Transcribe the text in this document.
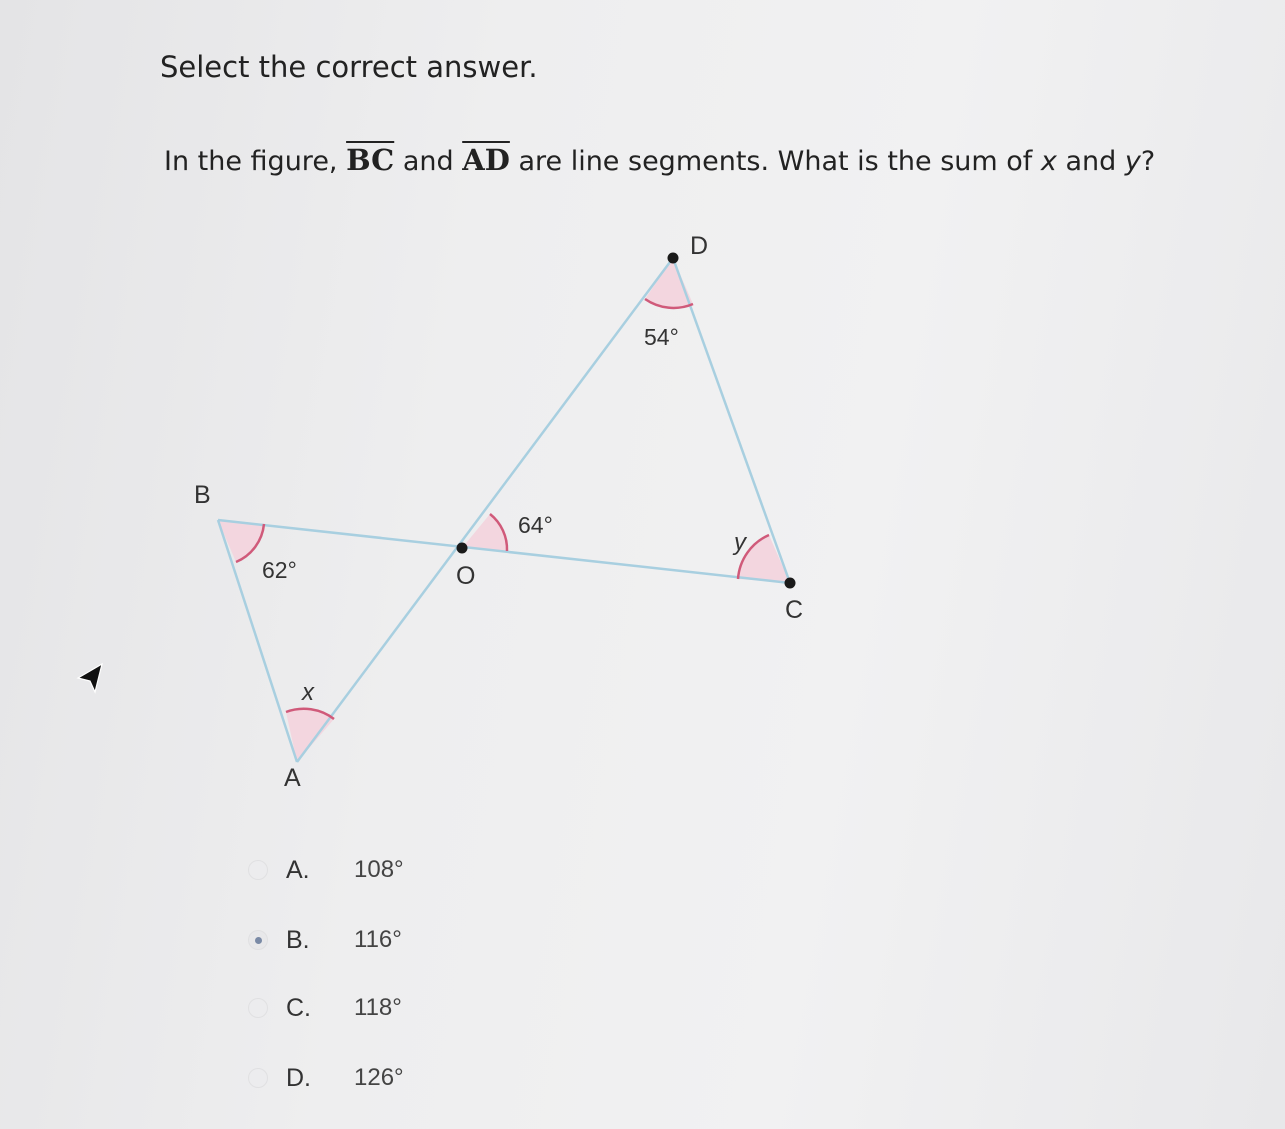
Select the correct answer.

In the figure, $\overline{BC}$ and $\overline{AD}$ are line segments. What is the sum of x and y?

D
B
O
C
A
54°
64°
62°
y
x
A. 108°
B. 116°
C. 118°
D. 126°
